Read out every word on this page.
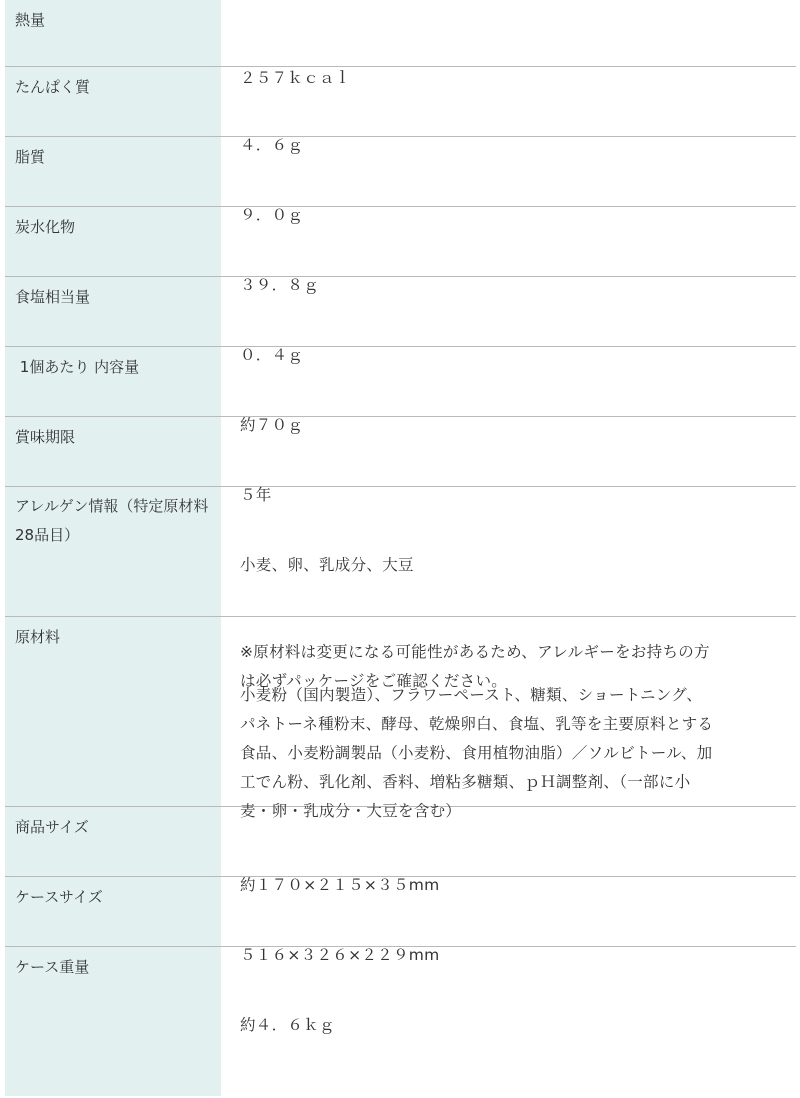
熱量

２５７ｋｃａｌ

たんぱく質

４．６ｇ

脂質

９．０ｇ

炭水化物

３９．８ｇ

食塩相当量

０．４ｇ

1個あたり 内容量

約７０ｇ

賞味期限

５年

アレルゲン情報（特定原材料28品目）

小麦、卵、乳成分、大豆

※原材料は変更になる可能性があるため、アレルギーをお持ちの方は必ずパッケージをご確認ください。

原材料

小麦粉（国内製造）、フラワーペースト、糖類、ショートニング、パネトーネ種粉末、酵母、乾燥卵白、食塩、乳等を主要原料とする食品、小麦粉調製品（小麦粉、食用植物油脂）／ソルビトール、加工でん粉、乳化剤、香料、増粘多糖類、ｐＨ調整剤、（一部に小麦・卵・乳成分・大豆を含む）

商品サイズ

約１７０×２１５×３５mm

ケースサイズ

５１６×３２６×２２９mm

ケース重量

約４．６ｋｇ
